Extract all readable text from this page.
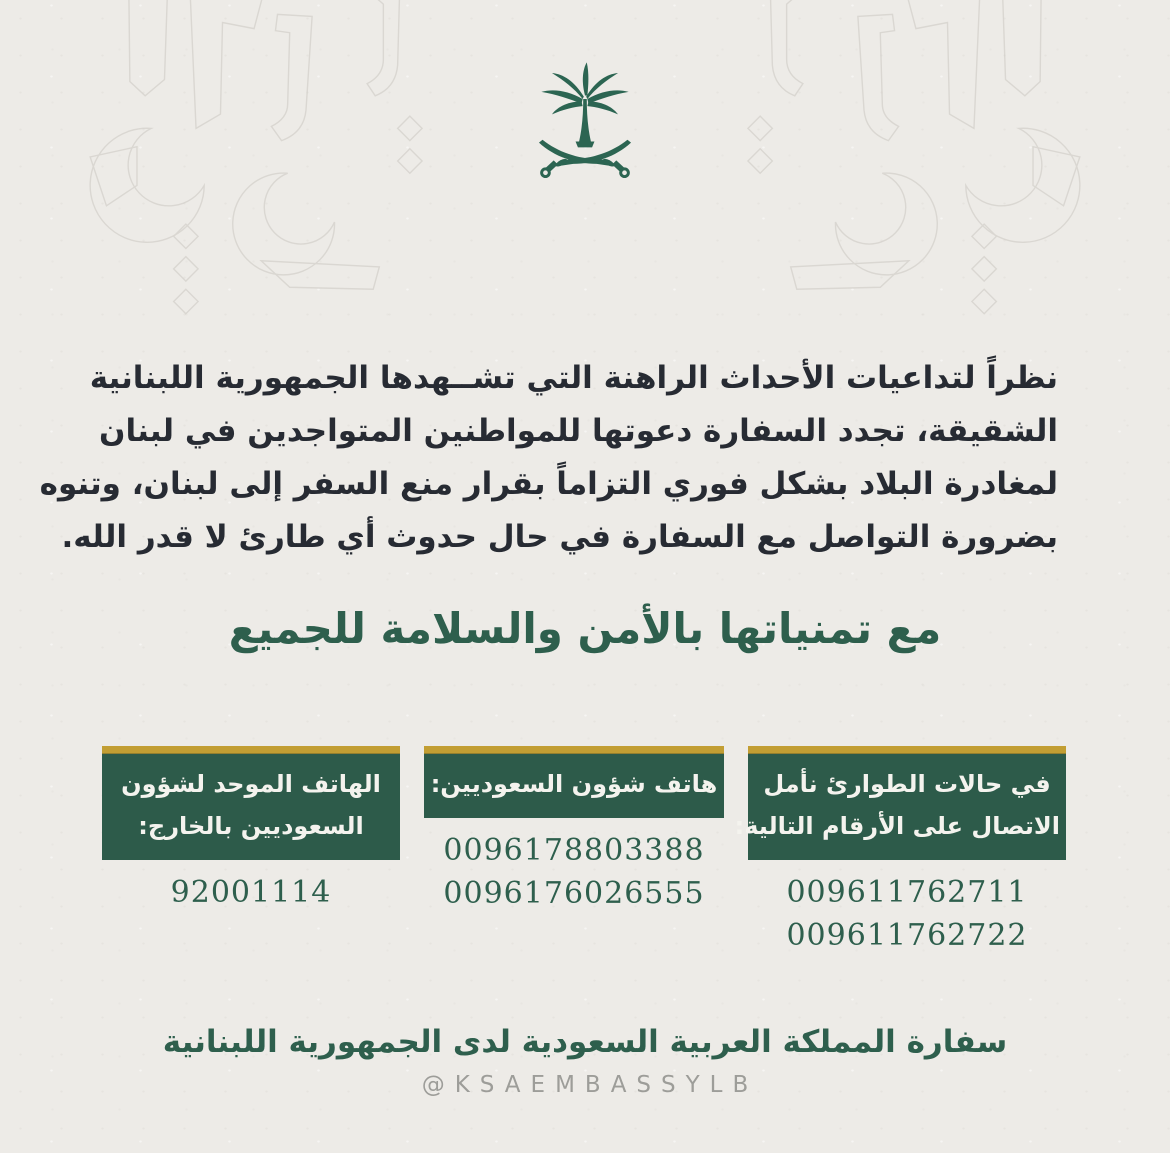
نظراً لتداعيات الأحداث الراهنة التي تشــهدها الجمهورية اللبنانية
الشقيقة، تجدد السفارة دعوتها للمواطنين المتواجدين في لبنان
لمغادرة البلاد بشكل فوري التزاماً بقرار منع السفر إلى لبنان، وتنوه
بضرورة التواصل مع السفارة في حال حدوث أي طارئ لا قدر الله.
مع تمنياتها بالأمن والسلامة للجميع
في حالات الطوارئ نأمل
الاتصال على الأرقام التالية:
009611762711
009611762722
هاتف شؤون السعوديين:
0096178803388
0096176026555
الهاتف الموحد لشؤون
السعوديين بالخارج:
92001114
سفارة المملكة العربية السعودية لدى الجمهورية اللبنانية
@KSAEMBASSYLB
